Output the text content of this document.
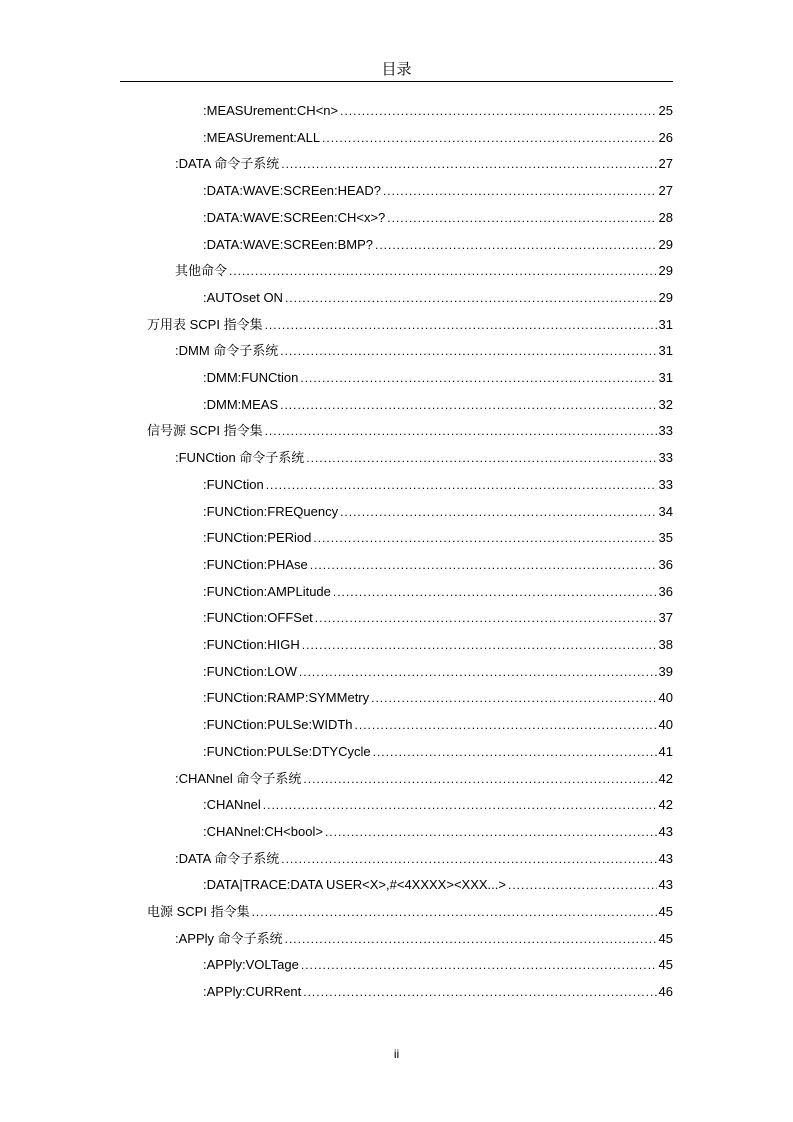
目录
:MEASUrement:CH<n> .....	25
:MEASUrement:ALL .....	26
:DATA 命令子系统 .....	27
:DATA:WAVE:SCREen:HEAD? .....	27
:DATA:WAVE:SCREen:CH<x>? .....	28
:DATA:WAVE:SCREen:BMP? .....	29
其他命令 .....	29
:AUTOset ON .....	29
万用表 SCPI 指令集 .....	31
:DMM 命令子系统 .....	31
:DMM:FUNCtion .....	31
:DMM:MEAS .....	32
信号源 SCPI 指令集 .....	33
:FUNCtion 命令子系统 .....	33
:FUNCtion .....	33
:FUNCtion:FREQuency .....	34
:FUNCtion:PERiod .....	35
:FUNCtion:PHAse .....	36
:FUNCtion:AMPLitude .....	36
:FUNCtion:OFFSet .....	37
:FUNCtion:HIGH .....	38
:FUNCtion:LOW .....	39
:FUNCtion:RAMP:SYMMetry .....	40
:FUNCtion:PULSe:WIDTh .....	40
:FUNCtion:PULSe:DTYCycle .....	41
:CHANnel 命令子系统 .....	42
:CHANnel .....	42
:CHANnel:CH<bool> .....	43
:DATA 命令子系统 .....	43
:DATA|TRACE:DATA USER<X>,#<4XXXX><XXX...> .....	43
电源 SCPI 指令集 .....	45
:APPly 命令子系统 .....	45
:APPly:VOLTage .....	45
:APPly:CURRent .....	46
ii
